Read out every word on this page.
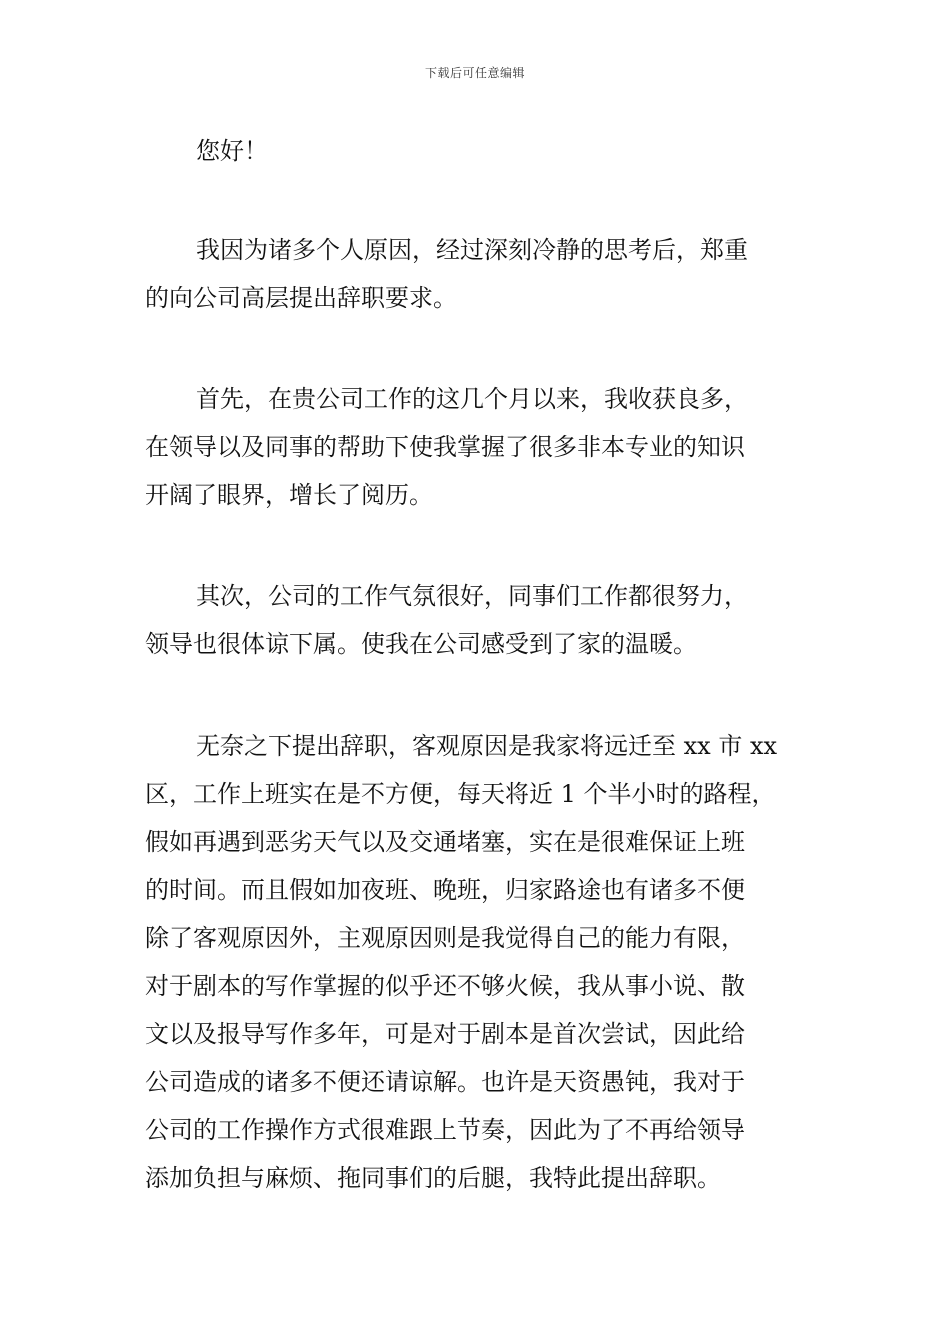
下载后可任意编辑
您好！
我因为诸多个人原因，经过深刻冷静的思考后，郑重
的向公司高层提出辞职要求。
首先，在贵公司工作的这几个月以来，我收获良多，
在领导以及同事的帮助下使我掌握了很多非本专业的知识
开阔了眼界，增长了阅历。
其次，公司的工作气氛很好，同事们工作都很努力，
领导也很体谅下属。使我在公司感受到了家的温暖。
无奈之下提出辞职，客观原因是我家将远迁至 xx 市 xx
区，工作上班实在是不方便，每天将近 1 个半小时的路程，
假如再遇到恶劣天气以及交通堵塞，实在是很难保证上班
的时间。而且假如加夜班、晚班，归家路途也有诸多不便
除了客观原因外，主观原因则是我觉得自己的能力有限，
对于剧本的写作掌握的似乎还不够火候，我从事小说、散
文以及报导写作多年，可是对于剧本是首次尝试，因此给
公司造成的诸多不便还请谅解。也许是天资愚钝，我对于
公司的工作操作方式很难跟上节奏，因此为了不再给领导
添加负担与麻烦、拖同事们的后腿，我特此提出辞职。
